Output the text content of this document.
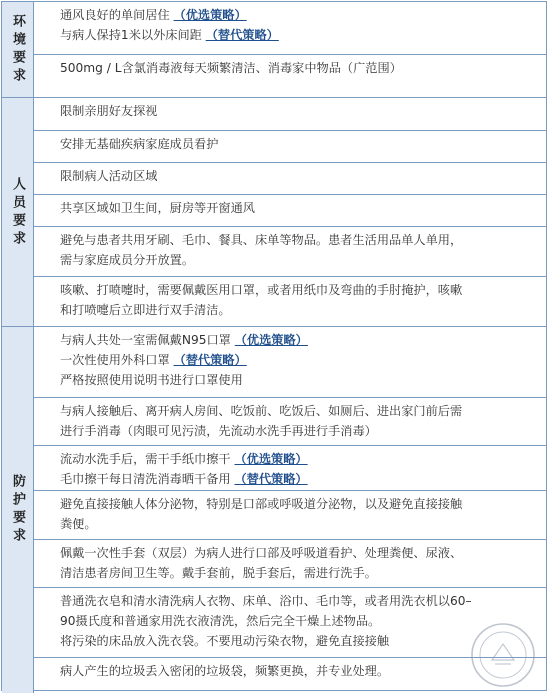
环境要求	通风良好的单间居住 （优选策略）
与病人保持1米以外床间距 （替代策略）
500mg / L含氯消毒液每天频繁清洁、消毒家中物品（广范围）
人员要求
限制亲朋好友探视
安排无基础疾病家庭成员看护
限制病人活动区域
共享区域如卫生间，厨房等开窗通风
避免与患者共用牙刷、毛巾、餐具、床单等物品。患者生活用品单人单用，
需与家庭成员分开放置。
咳嗽、打喷嚏时，需要佩戴医用口罩，或者用纸巾及弯曲的手肘掩护，咳嗽
和打喷嚏后立即进行双手清洁。
防护要求
与病人共处一室需佩戴N95口罩 （优选策略）
一次性使用外科口罩 （替代策略）
严格按照使用说明书进行口罩使用
与病人接触后、离开病人房间、吃饭前、吃饭后、如厕后、进出家门前后需
进行手消毒（肉眼可见污渍，先流动水洗手再进行手消毒）
流动水洗手后，需干手纸巾擦干 （优选策略）
毛巾擦干每日清洗消毒晒干备用 （替代策略）
避免直接接触人体分泌物，特别是口部或呼吸道分泌物，以及避免直接接触
粪便。
佩戴一次性手套（双层）为病人进行口部及呼吸道看护、处理粪便、尿液、
清洁患者房间卫生等。戴手套前，脱手套后，需进行洗手。
普通洗衣皂和清水清洗病人衣物、床单、浴巾、毛巾等，或者用洗衣机以60–
90摄氏度和普通家用洗衣液清洗，然后完全干燥上述物品。
将污染的床品放入洗衣袋。不要甩动污染衣物，避免直接接触
病人产生的垃圾丢入密闭的垃圾袋，频繁更换，并专业处理。
